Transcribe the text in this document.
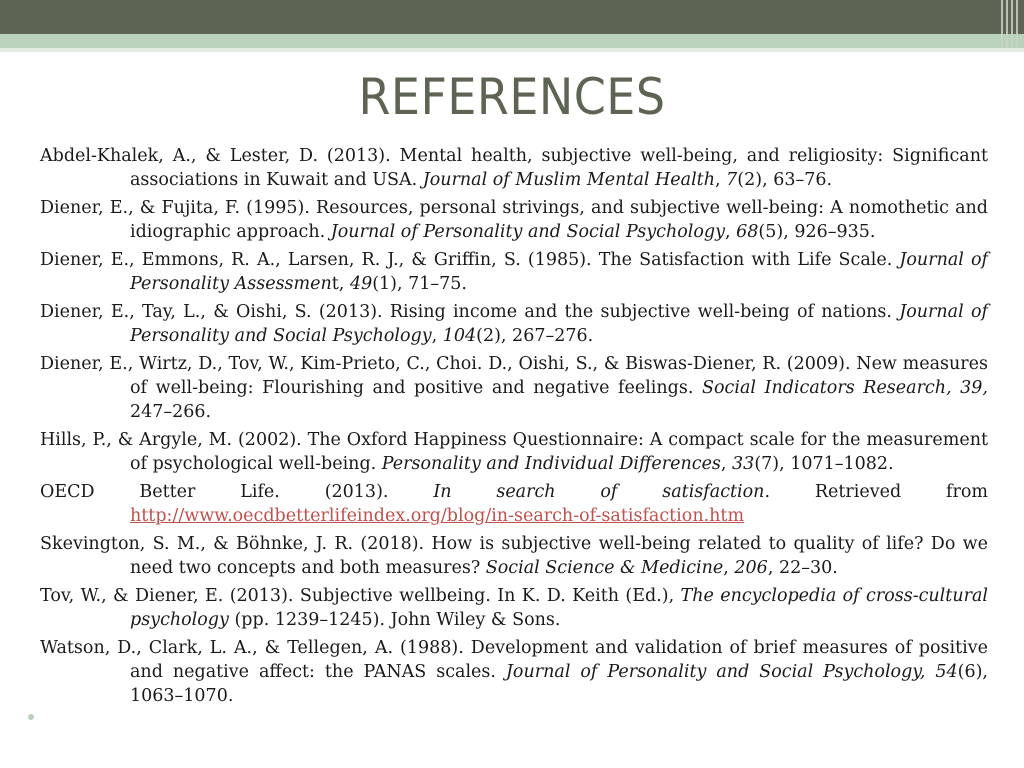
REFERENCES
Abdel-Khalek, A., & Lester, D. (2013). Mental health, subjective well-being, and religiosity: Significant associations in Kuwait and USA. Journal of Muslim Mental Health, 7(2), 63–76.
Diener, E., & Fujita, F. (1995). Resources, personal strivings, and subjective well-being: A nomothetic and idiographic approach. Journal of Personality and Social Psychology, 68(5), 926–935.
Diener, E., Emmons, R. A., Larsen, R. J., & Griffin, S. (1985). The Satisfaction with Life Scale. Journal of Personality Assessment, 49(1), 71–75.
Diener, E., Tay, L., & Oishi, S. (2013). Rising income and the subjective well-being of nations. Journal of Personality and Social Psychology, 104(2), 267–276.
Diener, E., Wirtz, D., Tov, W., Kim-Prieto, C., Choi. D., Oishi, S., & Biswas-Diener, R. (2009). New measures of well-being: Flourishing and positive and negative feelings. Social Indicators Research, 39, 247–266.
Hills, P., & Argyle, M. (2002). The Oxford Happiness Questionnaire: A compact scale for the measurement of psychological well-being. Personality and Individual Differences, 33(7), 1071–1082.
OECD Better Life. (2013). In search of satisfaction. Retrieved from http://www.oecdbetterlifeindex.org/blog/in-search-of-satisfaction.htm
Skevington, S. M., & Böhnke, J. R. (2018). How is subjective well-being related to quality of life? Do we need two concepts and both measures? Social Science & Medicine, 206, 22–30.
Tov, W., & Diener, E. (2013). Subjective wellbeing. In K. D. Keith (Ed.), The encyclopedia of cross-cultural psychology (pp. 1239–1245). John Wiley & Sons.
Watson, D., Clark, L. A., & Tellegen, A. (1988). Development and validation of brief measures of positive and negative affect: the PANAS scales. Journal of Personality and Social Psychology, 54(6), 1063–1070.
